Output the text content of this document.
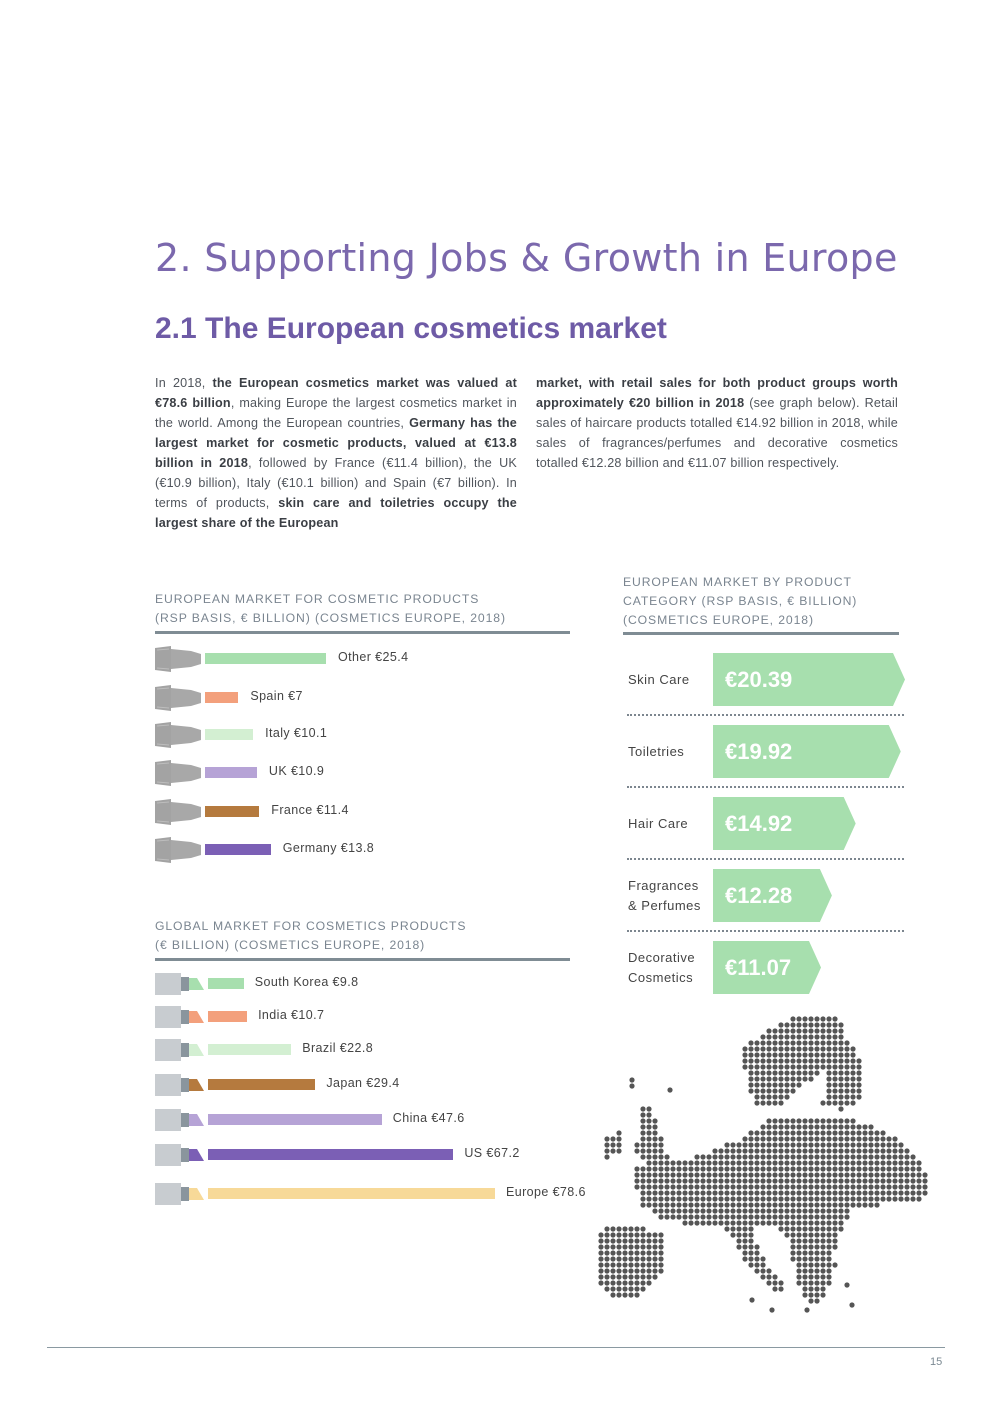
2. Supporting Jobs & Growth in Europe
2.1 The European cosmetics market
In 2018, the European cosmetics market was valued at €78.6 billion, making Europe the largest cosmetics market in the world. Among the European countries, Germany has the largest market for cosmetic products, valued at €13.8 billion in 2018, followed by France (€11.4 billion), the UK (€10.9 billion), Italy (€10.1 billion) and Spain (€7 billion). In terms of products, skin care and toiletries occupy the largest share of the European
market, with retail sales for both product groups worth approximately €20 billion in 2018 (see graph below). Retail sales of haircare products totalled €14.92 billion in 2018, while sales of fragrances/perfumes and decorative cosmetics totalled €12.28 billion and €11.07 billion respectively.
EUROPEAN MARKET FOR COSMETIC PRODUCTS
(RSP BASIS, € BILLION) (COSMETICS EUROPE, 2018)
Other €25.4
Spain €7
Italy €10.1
UK €10.9
France €11.4
Germany €13.8
GLOBAL MARKET FOR COSMETICS PRODUCTS
(€ BILLION) (COSMETICS EUROPE, 2018)
South Korea €9.8
India €10.7
Brazil €22.8
Japan €29.4
China €47.6
US €67.2
Europe €78.6
EUROPEAN MARKET BY PRODUCT
CATEGORY (RSP BASIS, € BILLION)
(COSMETICS EUROPE, 2018)
Skin Care	€20.39
Toiletries	€19.92
Hair Care	€14.92
Fragrances
& Perfumes	€12.28
Decorative
Cosmetics	€11.07
15
